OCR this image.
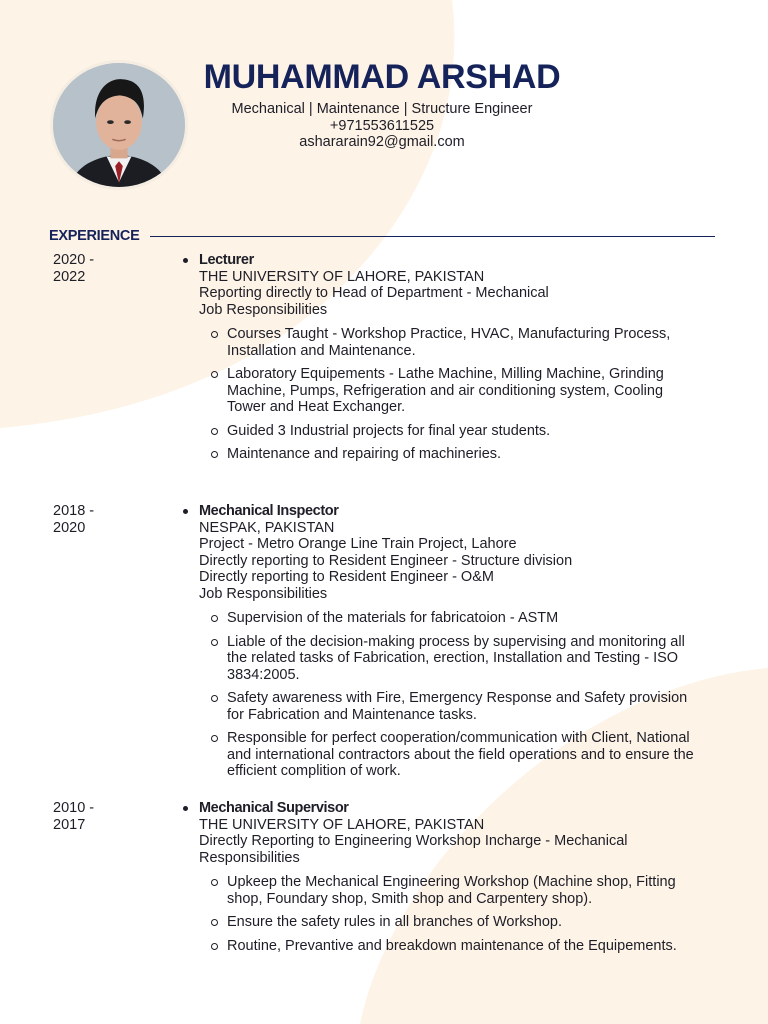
MUHAMMAD ARSHAD
Mechanical | Maintenance | Structure Engineer
+971553611525
ashararain92@gmail.com
EXPERIENCE
2020 -
2022
Lecturer
THE UNIVERSITY OF LAHORE, PAKISTAN
Reporting directly to Head of Department - Mechanical
Job Responsibilities
Courses Taught - Workshop Practice, HVAC, Manufacturing Process, Installation and Maintenance.
Laboratory Equipements - Lathe Machine, Milling Machine, Grinding Machine, Pumps, Refrigeration and air conditioning system, Cooling Tower and Heat Exchanger.
Guided 3 Industrial projects for final year students.
Maintenance and repairing of machineries.
2018 -
2020
Mechanical Inspector
NESPAK, PAKISTAN
Project - Metro Orange Line Train Project, Lahore
Directly reporting to Resident Engineer - Structure division
Directly reporting to Resident Engineer - O&M
Job Responsibilities
Supervision of the materials for fabricatoion - ASTM
Liable of the decision-making process by supervising and monitoring all the related tasks of Fabrication, erection, Installation and Testing - ISO 3834:2005.
Safety awareness with Fire, Emergency Response and Safety provision for Fabrication and Maintenance tasks.
Responsible for perfect cooperation/communication with Client, National and international contractors about the field operations and to ensure the efficient complition of work.
2010 -
2017
Mechanical Supervisor
THE UNIVERSITY OF LAHORE, PAKISTAN
Directly Reporting to Engineering Workshop Incharge - Mechanical
Responsibilities
Upkeep the Mechanical Engineering Workshop (Machine shop, Fitting shop, Foundary shop, Smith shop and Carpentery shop).
Ensure the safety rules in all branches of Workshop.
Routine, Prevantive and breakdown maintenance of the Equipements.
